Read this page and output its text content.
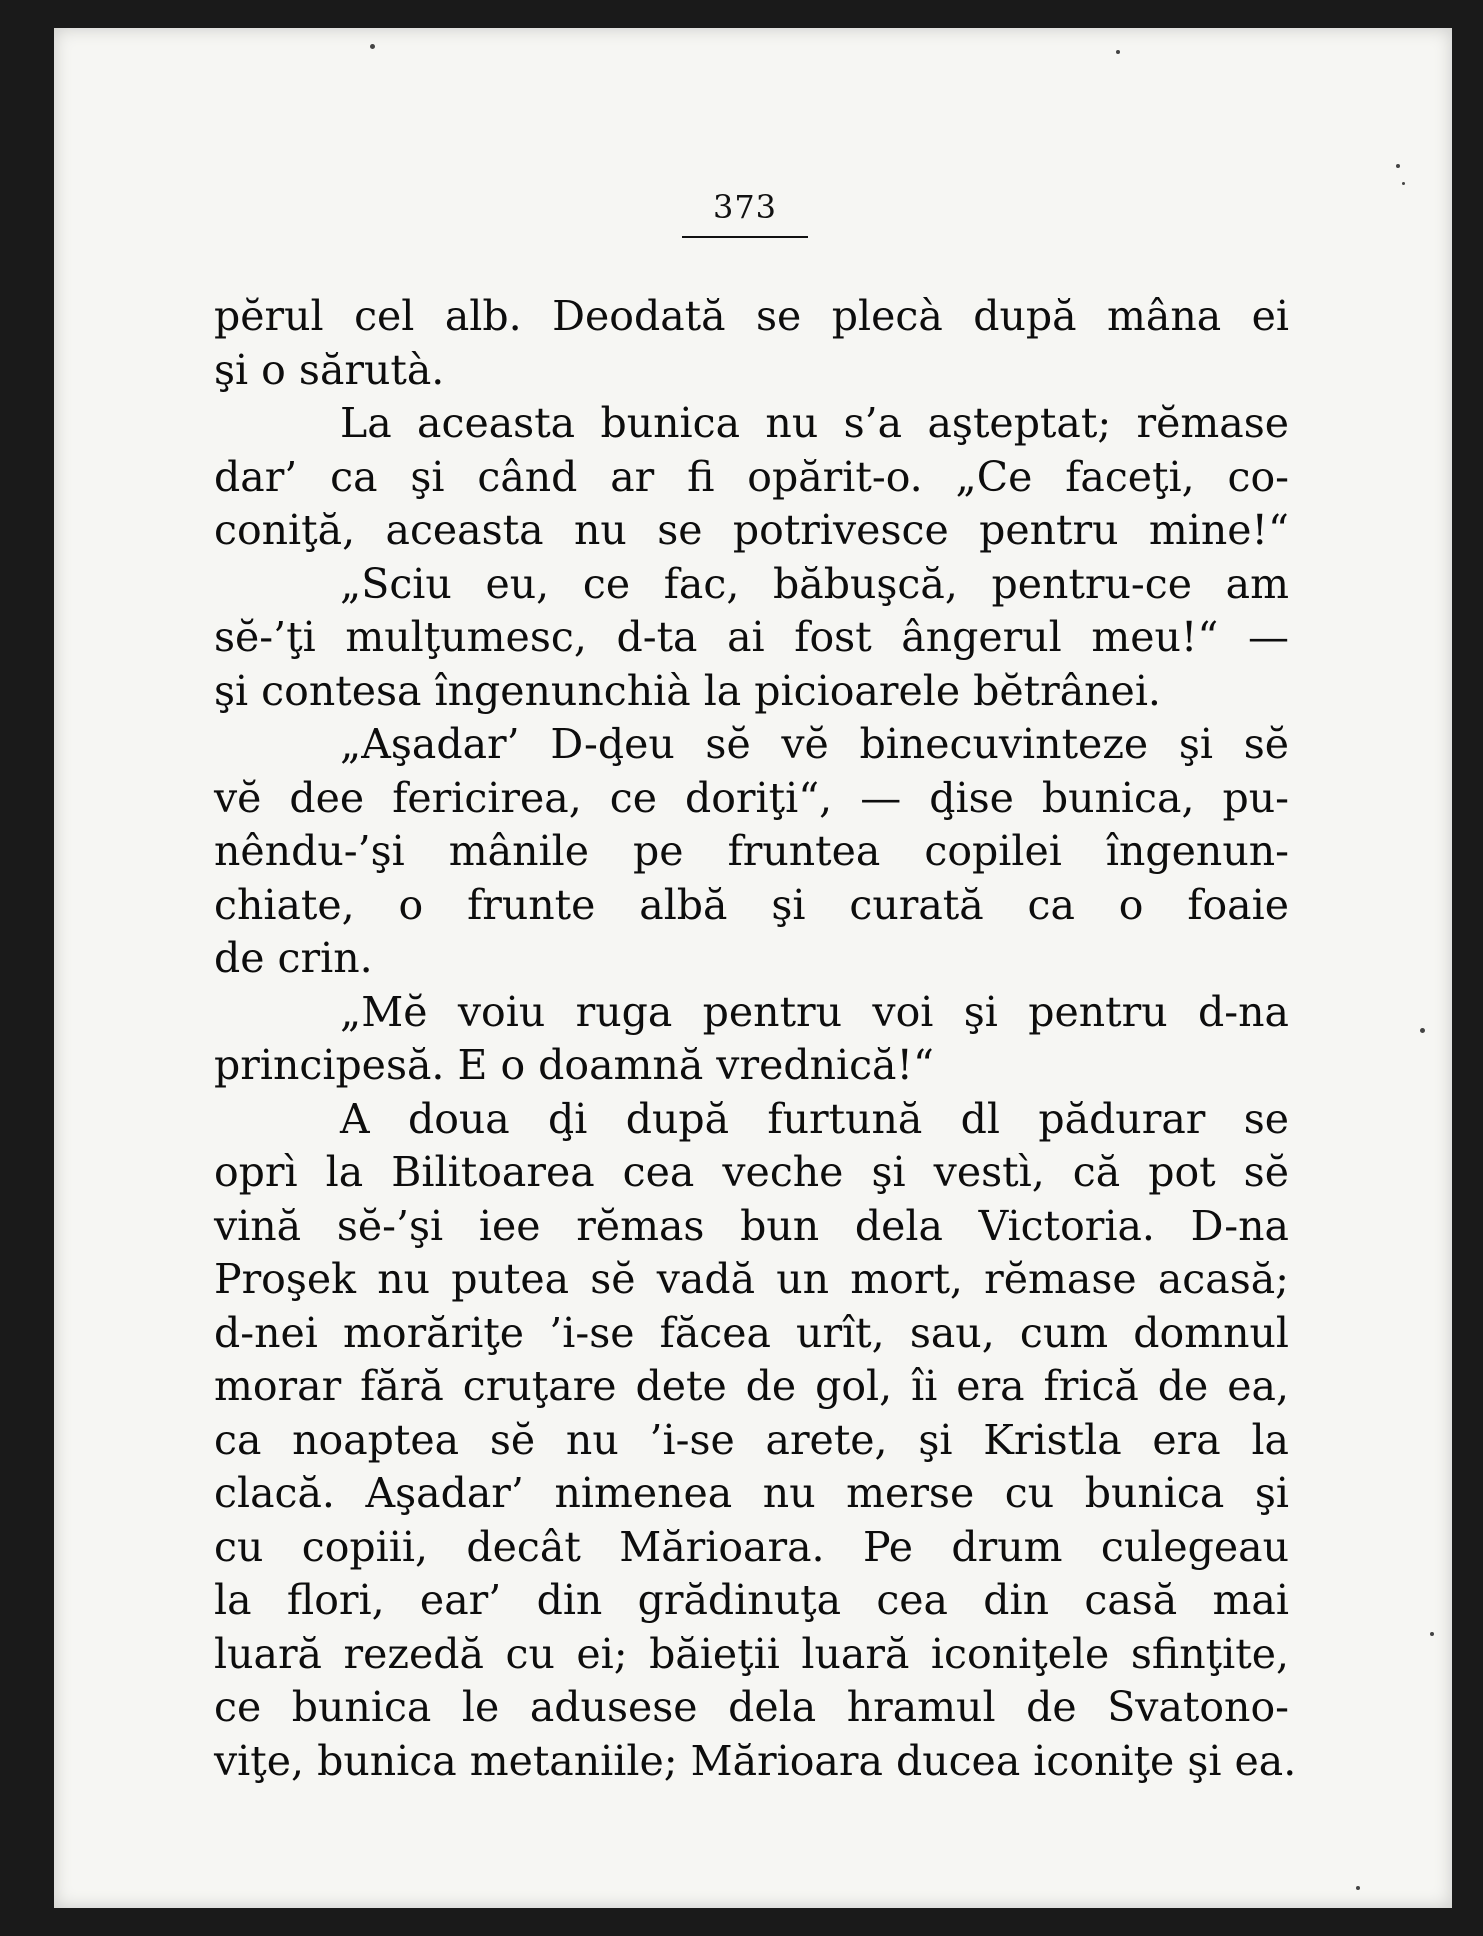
373
pĕrul cel alb. Deodată se plecà după mâna ei
şi o sărutà.
La aceasta bunica nu s’a aşteptat; rĕmase
dar’ ca şi când ar fi opărit-o. „Ce faceţi, co-
coniţă, aceasta nu se potrivesce pentru mine!“
„Sciu eu, ce fac, băbuşcă, pentru-ce am
sĕ-’ţi mulţumesc, d-ta ai fost ângerul meu!“ —
şi contesa îngenunchià la picioarele bĕtrânei.
„Aşadar’ D-ḑeu sĕ vĕ binecuvinteze şi sĕ
vĕ dee fericirea, ce doriţi“, — ḑise bunica, pu-
nêndu-’şi mânile pe fruntea copilei îngenun-
chiate, o frunte albă şi curată ca o foaie
de crin.
„Mĕ voiu ruga pentru voi şi pentru d-na
principesă. E o doamnă vrednică!“
A doua ḑi după furtună dl pădurar se
oprì la Bilitoarea cea veche şi vestì, că pot sĕ
vină sĕ-’şi iee rĕmas bun dela Victoria. D-na
Proşek nu putea sĕ vadă un mort, rĕmase acasă;
d-nei morăriţe ’i-se făcea urît, sau, cum domnul
morar fără cruţare dete de gol, îi era frică de ea,
ca noaptea sĕ nu ’i-se arete, şi Kristla era la
clacă. Aşadar’ nimenea nu merse cu bunica şi
cu copiii, decât Mărioara. Pe drum culegeau
la flori, ear’ din grădinuţa cea din casă mai
luară rezedă cu ei; băieţii luară iconiţele sfinţite,
ce bunica le adusese dela hramul de Svatono-
viţe, bunica metaniile; Mărioara ducea iconiţe şi ea.
